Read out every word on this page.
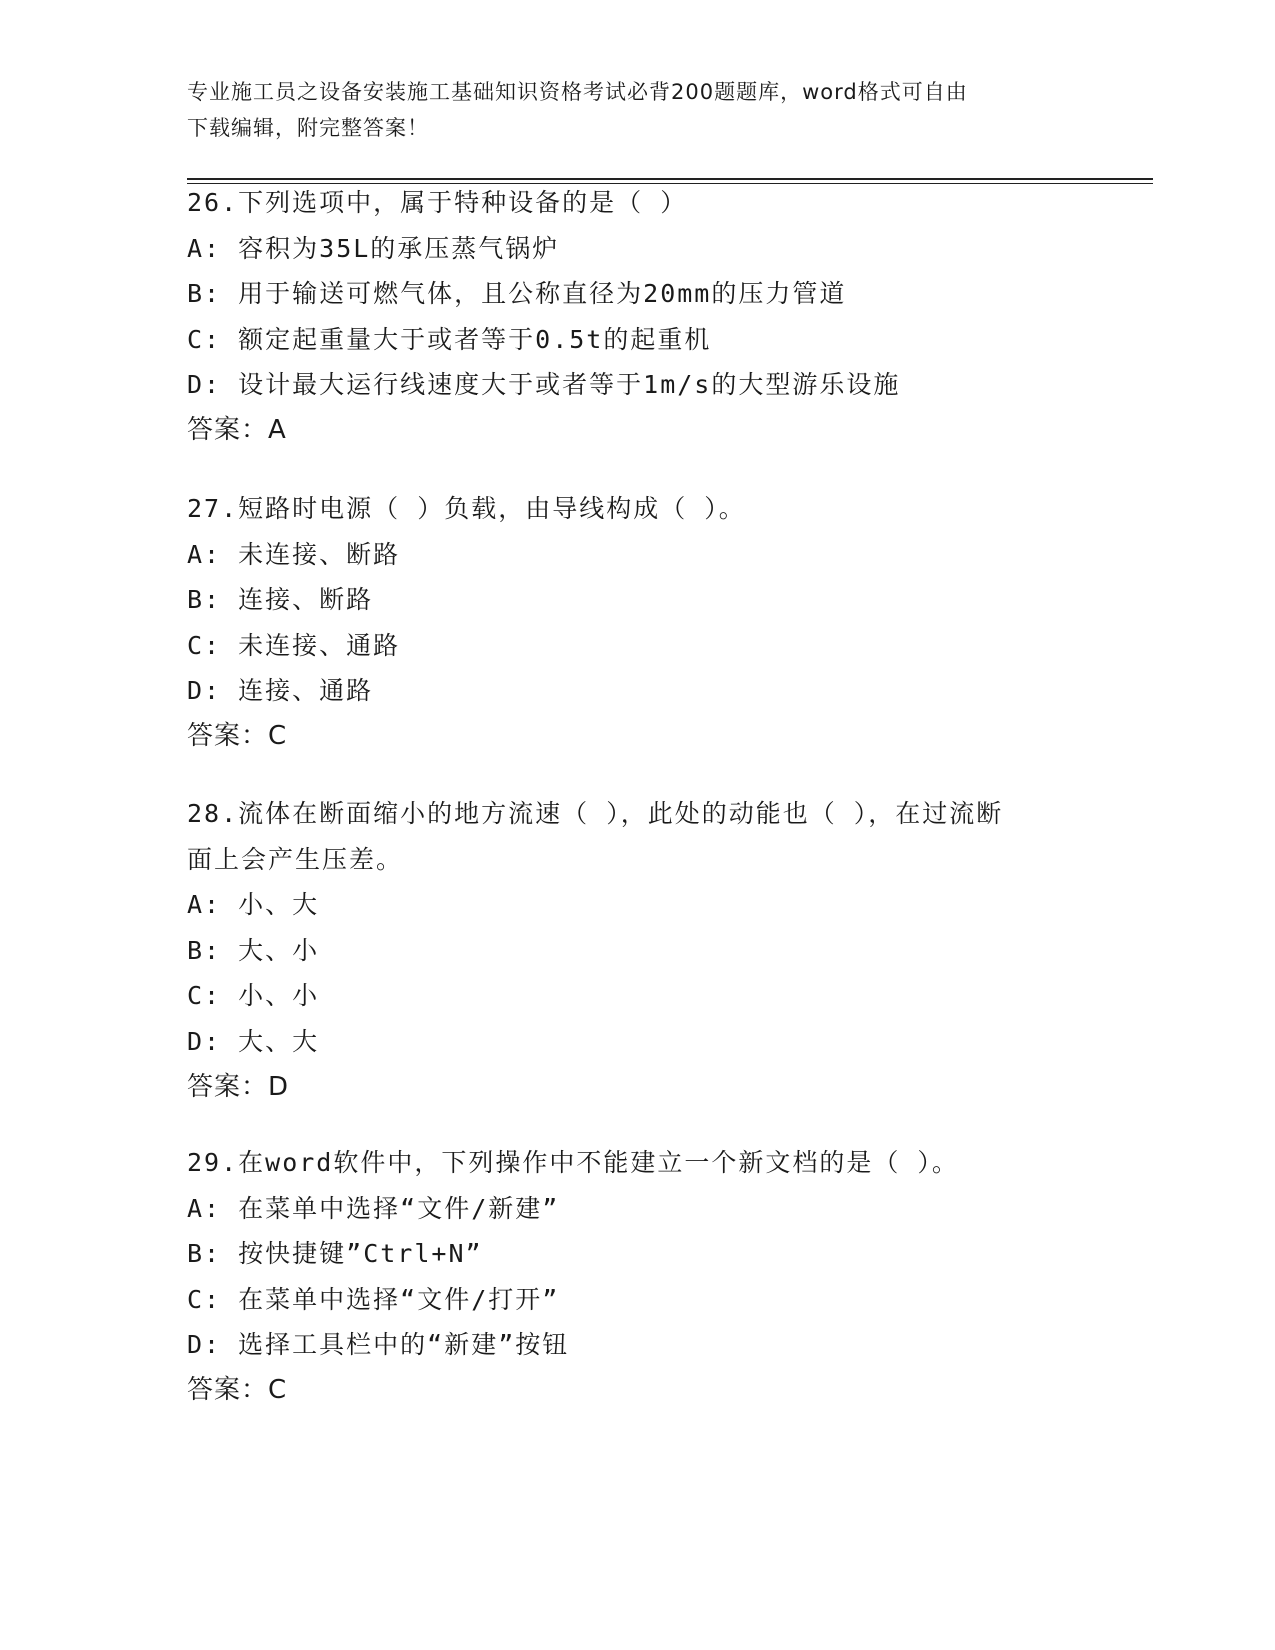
专业施工员之设备安装施工基础知识资格考试必背200题题库，word格式可自由
下载编辑，附完整答案！
26.下列选项中，属于特种设备的是（ ）
A: 容积为35L的承压蒸气锅炉
B: 用于输送可燃气体，且公称直径为20mm的压力管道
C: 额定起重量大于或者等于0.5t的起重机
D: 设计最大运行线速度大于或者等于1m/s的大型游乐设施
答案：A
27.短路时电源（ ）负载，由导线构成（ ）。
A: 未连接、断路
B: 连接、断路
C: 未连接、通路
D: 连接、通路
答案：C
28.流体在断面缩小的地方流速（ ），此处的动能也（ ），在过流断
面上会产生压差。
A: 小、大
B: 大、小
C: 小、小
D: 大、大
答案：D
29.在word软件中，下列操作中不能建立一个新文档的是（ ）。
A: 在菜单中选择“文件/新建”
B: 按快捷键”Ctrl+N”
C: 在菜单中选择“文件/打开”
D: 选择工具栏中的“新建”按钮
答案：C
